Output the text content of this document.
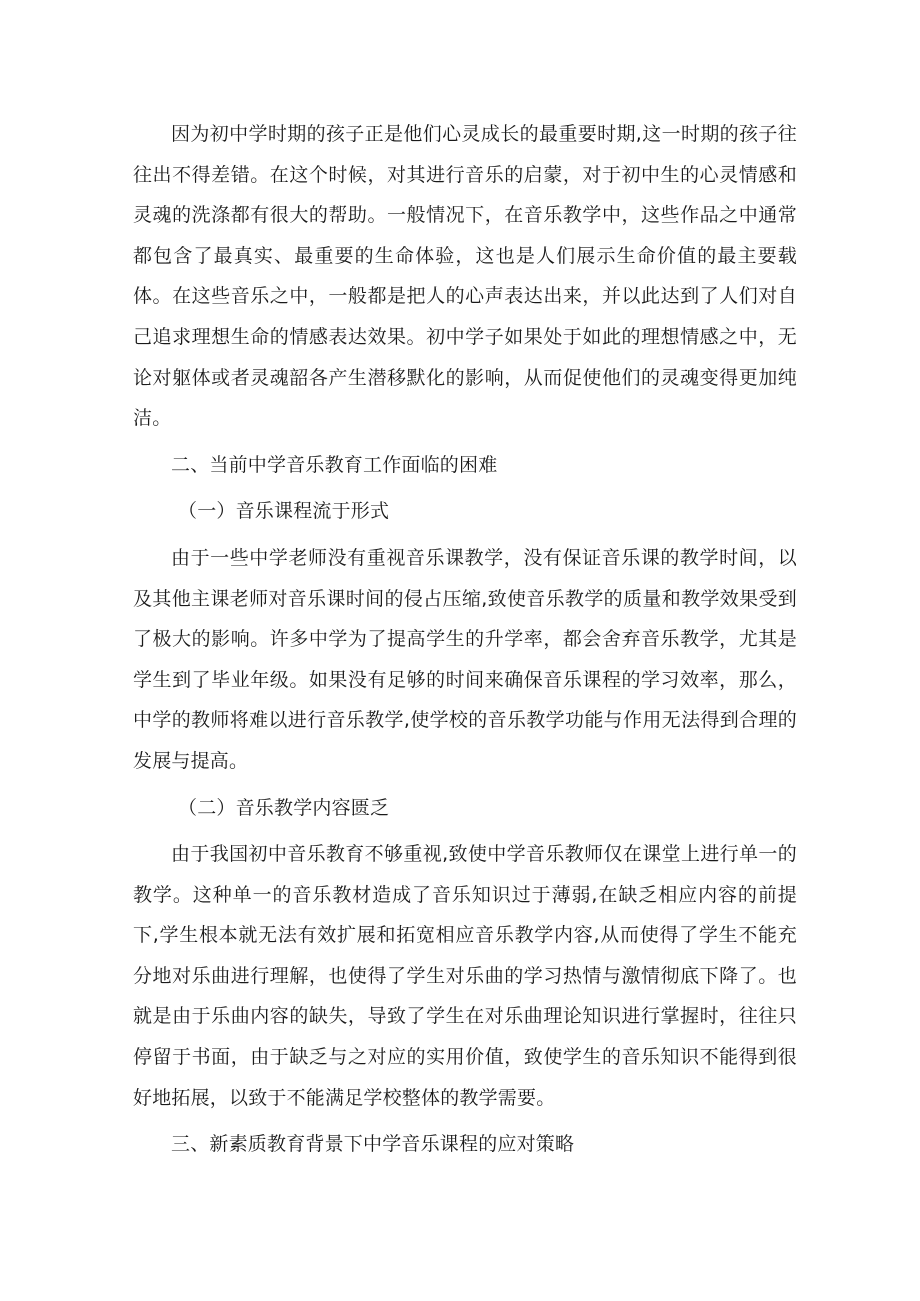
因为初中学时期的孩子正是他们心灵成长的最重要时期,这一时期的孩子往往出不得差错。在这个时候，对其进行音乐的启蒙，对于初中生的心灵情感和灵魂的洗涤都有很大的帮助。一般情况下，在音乐教学中，这些作品之中通常都包含了最真实、最重要的生命体验，这也是人们展示生命价值的最主要载体。在这些音乐之中，一般都是把人的心声表达出来，并以此达到了人们对自己追求理想生命的情感表达效果。初中学子如果处于如此的理想情感之中，无论对躯体或者灵魂韶各产生潜移默化的影响，从而促使他们的灵魂变得更加纯洁。

二、当前中学音乐教育工作面临的困难

（一）音乐课程流于形式

由于一些中学老师没有重视音乐课教学，没有保证音乐课的教学时间，以及其他主课老师对音乐课时间的侵占压缩,致使音乐教学的质量和教学效果受到了极大的影响。许多中学为了提高学生的升学率，都会舍弃音乐教学，尤其是学生到了毕业年级。如果没有足够的时间来确保音乐课程的学习效率，那么，中学的教师将难以进行音乐教学,使学校的音乐教学功能与作用无法得到合理的发展与提高。

（二）音乐教学内容匮乏

由于我国初中音乐教育不够重视,致使中学音乐教师仅在课堂上进行单一的教学。这种单一的音乐教材造成了音乐知识过于薄弱,在缺乏相应内容的前提下,学生根本就无法有效扩展和拓宽相应音乐教学内容,从而使得了学生不能充分地对乐曲进行理解，也使得了学生对乐曲的学习热情与激情彻底下降了。也就是由于乐曲内容的缺失，导致了学生在对乐曲理论知识进行掌握时，往往只停留于书面，由于缺乏与之对应的实用价值，致使学生的音乐知识不能得到很好地拓展，以致于不能满足学校整体的教学需要。

三、新素质教育背景下中学音乐课程的应对策略
